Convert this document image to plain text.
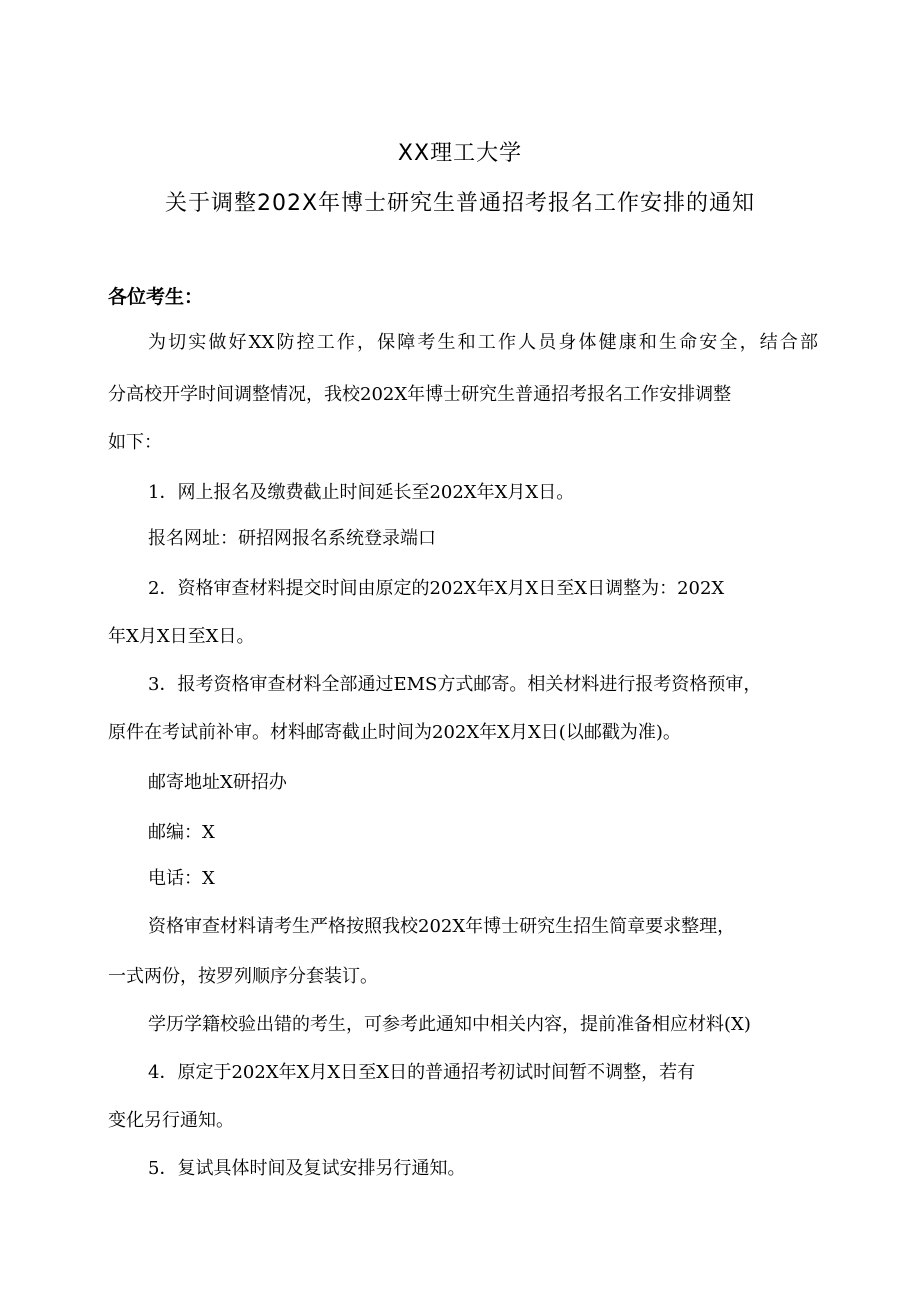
XX理工大学
关于调整202X年博士研究生普通招考报名工作安排的通知
各位考生：
为切实做好XX防控工作，保障考生和工作人员身体健康和生命安全，结合部
分高校开学时间调整情况，我校202X年博士研究生普通招考报名工作安排调整
如下：
1．网上报名及缴费截止时间延长至202X年X月X日。
报名网址：研招网报名系统登录端口
2．资格审查材料提交时间由原定的202X年X月X日至X日调整为：202X
年X月X日至X日。
3．报考资格审查材料全部通过EMS方式邮寄。相关材料进行报考资格预审，
原件在考试前补审。材料邮寄截止时间为202X年X月X日(以邮戳为准)。
邮寄地址X研招办
邮编：X
电话：X
资格审查材料请考生严格按照我校202X年博士研究生招生简章要求整理，
一式两份，按罗列顺序分套装订。
学历学籍校验出错的考生，可参考此通知中相关内容，提前准备相应材料(X)
4．原定于202X年X月X日至X日的普通招考初试时间暂不调整，若有
变化另行通知。
5．复试具体时间及复试安排另行通知。
